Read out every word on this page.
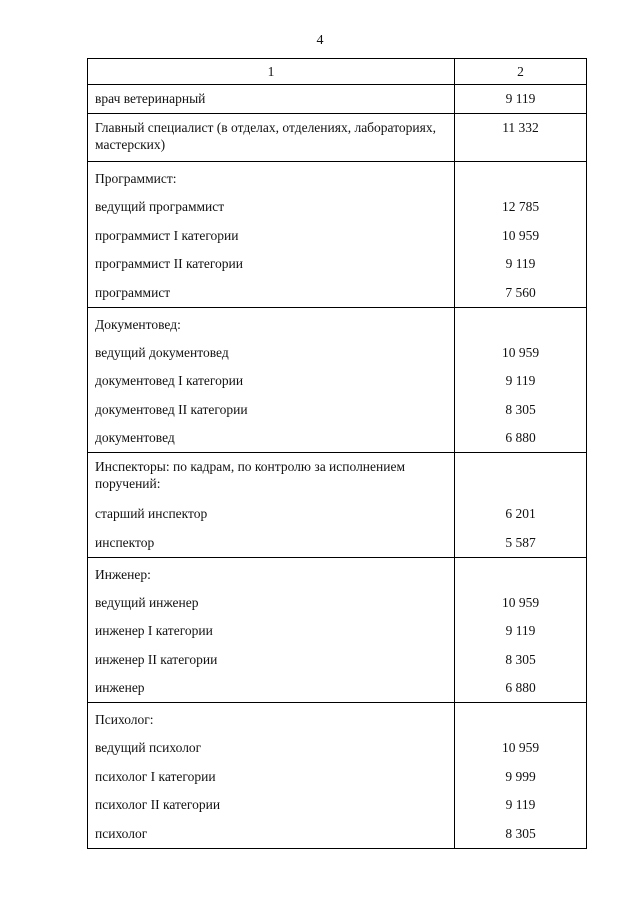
4
1	2
врач ветеринарный	9 119
Главный специалист (в отделах, отделениях, лабораториях, мастерских)	11 332
Программист:	
ведущий программист	12 785
программист I категории	10 959
программист II категории	9 119
программист	7 560
Документовед:	
ведущий документовед	10 959
документовед I категории	9 119
документовед II категории	8 305
документовед	6 880
Инспекторы: по кадрам, по контролю за исполнением поручений:	
старший инспектор	6 201
инспектор	5 587
Инженер:	
ведущий инженер	10 959
инженер I категории	9 119
инженер II категории	8 305
инженер	6 880
Психолог:	
ведущий психолог	10 959
психолог I категории	9 999
психолог II категории	9 119
психолог	8 305
